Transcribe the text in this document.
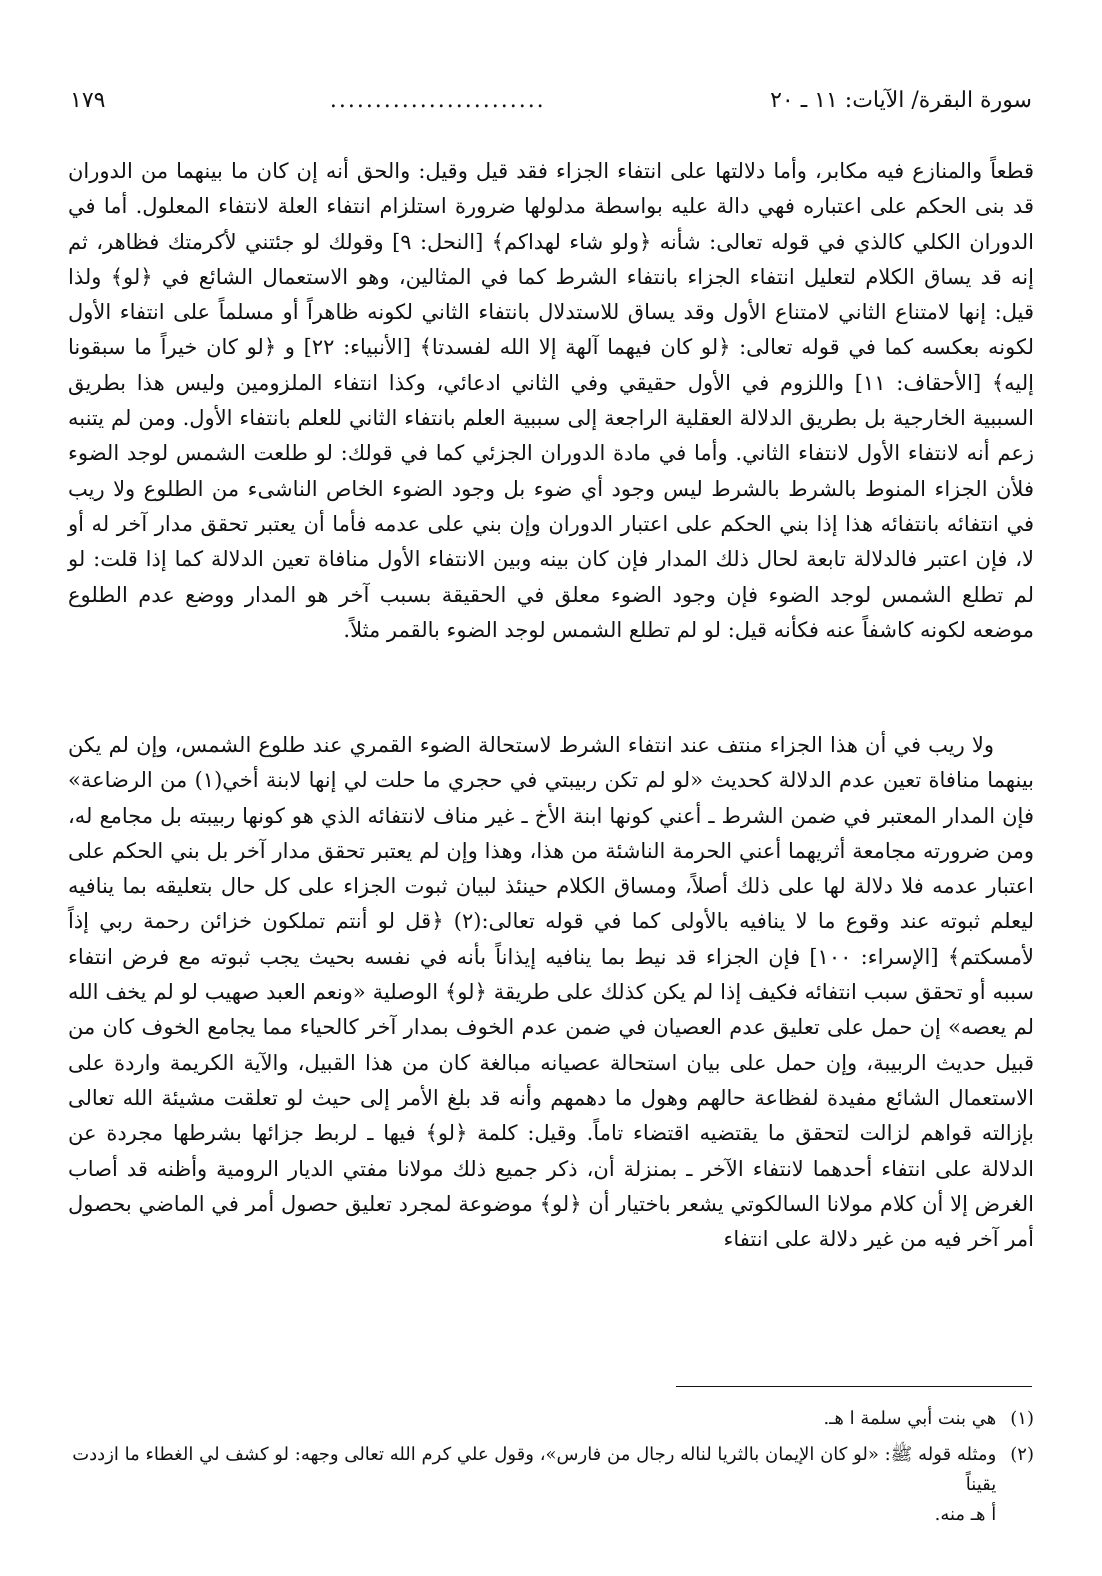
سورة البقرة/ الآيات: ١١ ـ ٢٠
........................
١٧٩

قطعاً والمنازع فيه مكابر، وأما دلالتها على انتفاء الجزاء فقد قيل وقيل: والحق أنه إن كان ما بينهما من الدوران قد بنى الحكم على اعتباره فهي دالة عليه بواسطة مدلولها ضرورة استلزام انتفاء العلة لانتفاء المعلول. أما في الدوران الكلي كالذي في قوله تعالى: شأنه ﴿ولو شاء لهداكم﴾ [النحل: ٩] وقولك لو جئتني لأكرمتك فظاهر، ثم إنه قد يساق الكلام لتعليل انتفاء الجزاء بانتفاء الشرط كما في المثالين، وهو الاستعمال الشائع في ﴿لو﴾ ولذا قيل: إنها لامتناع الثاني لامتناع الأول وقد يساق للاستدلال بانتفاء الثاني لكونه ظاهراً أو مسلماً على انتفاء الأول لكونه بعكسه كما في قوله تعالى: ﴿لو كان فيهما آلهة إلا الله لفسدتا﴾ [الأنبياء: ٢٢] و ﴿لو كان خيراً ما سبقونا إليه﴾ [الأحقاف: ١١] واللزوم في الأول حقيقي وفي الثاني ادعائي، وكذا انتفاء الملزومين وليس هذا بطريق السببية الخارجية بل بطريق الدلالة العقلية الراجعة إلى سببية العلم بانتفاء الثاني للعلم بانتفاء الأول. ومن لم يتنبه زعم أنه لانتفاء الأول لانتفاء الثاني. وأما في مادة الدوران الجزئي كما في قولك: لو طلعت الشمس لوجد الضوء فلأن الجزاء المنوط بالشرط بالشرط ليس وجود أي ضوء بل وجود الضوء الخاص الناشىء من الطلوع ولا ريب في انتفائه بانتفائه هذا إذا بني الحكم على اعتبار الدوران وإن بني على عدمه فأما أن يعتبر تحقق مدار آخر له أو لا، فإن اعتبر فالدلالة تابعة لحال ذلك المدار فإن كان بينه وبين الانتفاء الأول منافاة تعين الدلالة كما إذا قلت: لو لم تطلع الشمس لوجد الضوء فإن وجود الضوء معلق في الحقيقة بسبب آخر هو المدار ووضع عدم الطلوع موضعه لكونه كاشفاً عنه فكأنه قيل: لو لم تطلع الشمس لوجد الضوء بالقمر مثلاً.

ولا ريب في أن هذا الجزاء منتف عند انتفاء الشرط لاستحالة الضوء القمري عند طلوع الشمس، وإن لم يكن بينهما منافاة تعين عدم الدلالة كحديث «لو لم تكن ربيبتي في حجري ما حلت لي إنها لابنة أخي(١) من الرضاعة» فإن المدار المعتبر في ضمن الشرط ـ أعني كونها ابنة الأخ ـ غير مناف لانتفائه الذي هو كونها ربيبته بل مجامع له، ومن ضرورته مجامعة أثريهما أعني الحرمة الناشئة من هذا، وهذا وإن لم يعتبر تحقق مدار آخر بل بني الحكم على اعتبار عدمه فلا دلالة لها على ذلك أصلاً، ومساق الكلام حينئذ لبيان ثبوت الجزاء على كل حال بتعليقه بما ينافيه ليعلم ثبوته عند وقوع ما لا ينافيه بالأولى كما في قوله تعالى:(٢) ﴿قل لو أنتم تملكون خزائن رحمة ربي إذاً لأمسكتم﴾ [الإسراء: ١٠٠] فإن الجزاء قد نيط بما ينافيه إيذاناً بأنه في نفسه بحيث يجب ثبوته مع فرض انتفاء سببه أو تحقق سبب انتفائه فكيف إذا لم يكن كذلك على طريقة ﴿لو﴾ الوصلية «ونعم العبد صهيب لو لم يخف الله لم يعصه» إن حمل على تعليق عدم العصيان في ضمن عدم الخوف بمدار آخر كالحياء مما يجامع الخوف كان من قبيل حديث الربيبة، وإن حمل على بيان استحالة عصيانه مبالغة كان من هذا القبيل، والآية الكريمة واردة على الاستعمال الشائع مفيدة لفظاعة حالهم وهول ما دهمهم وأنه قد بلغ الأمر إلى حيث لو تعلقت مشيئة الله تعالى بإزالته قواهم لزالت لتحقق ما يقتضيه اقتضاء تاماً. وقيل: كلمة ﴿لو﴾ فيها ـ لربط جزائها بشرطها مجردة عن الدلالة على انتفاء أحدهما لانتفاء الآخر ـ بمنزلة أن، ذكر جميع ذلك مولانا مفتي الديار الرومية وأظنه قد أصاب الغرض إلا أن كلام مولانا السالكوتي يشعر باختيار أن ﴿لو﴾ موضوعة لمجرد تعليق حصول أمر في الماضي بحصول أمر آخر فيه من غير دلالة على انتفاء

(١)
هي بنت أبي سلمة ا هـ.
(٢)
ومثله قوله ﷺ: «لو كان الإيمان بالثريا لناله رجال من فارس»، وقول علي كرم الله تعالى وجهه: لو كشف لي الغطاء ما ازددت يقيناً
أ هـ منه.
